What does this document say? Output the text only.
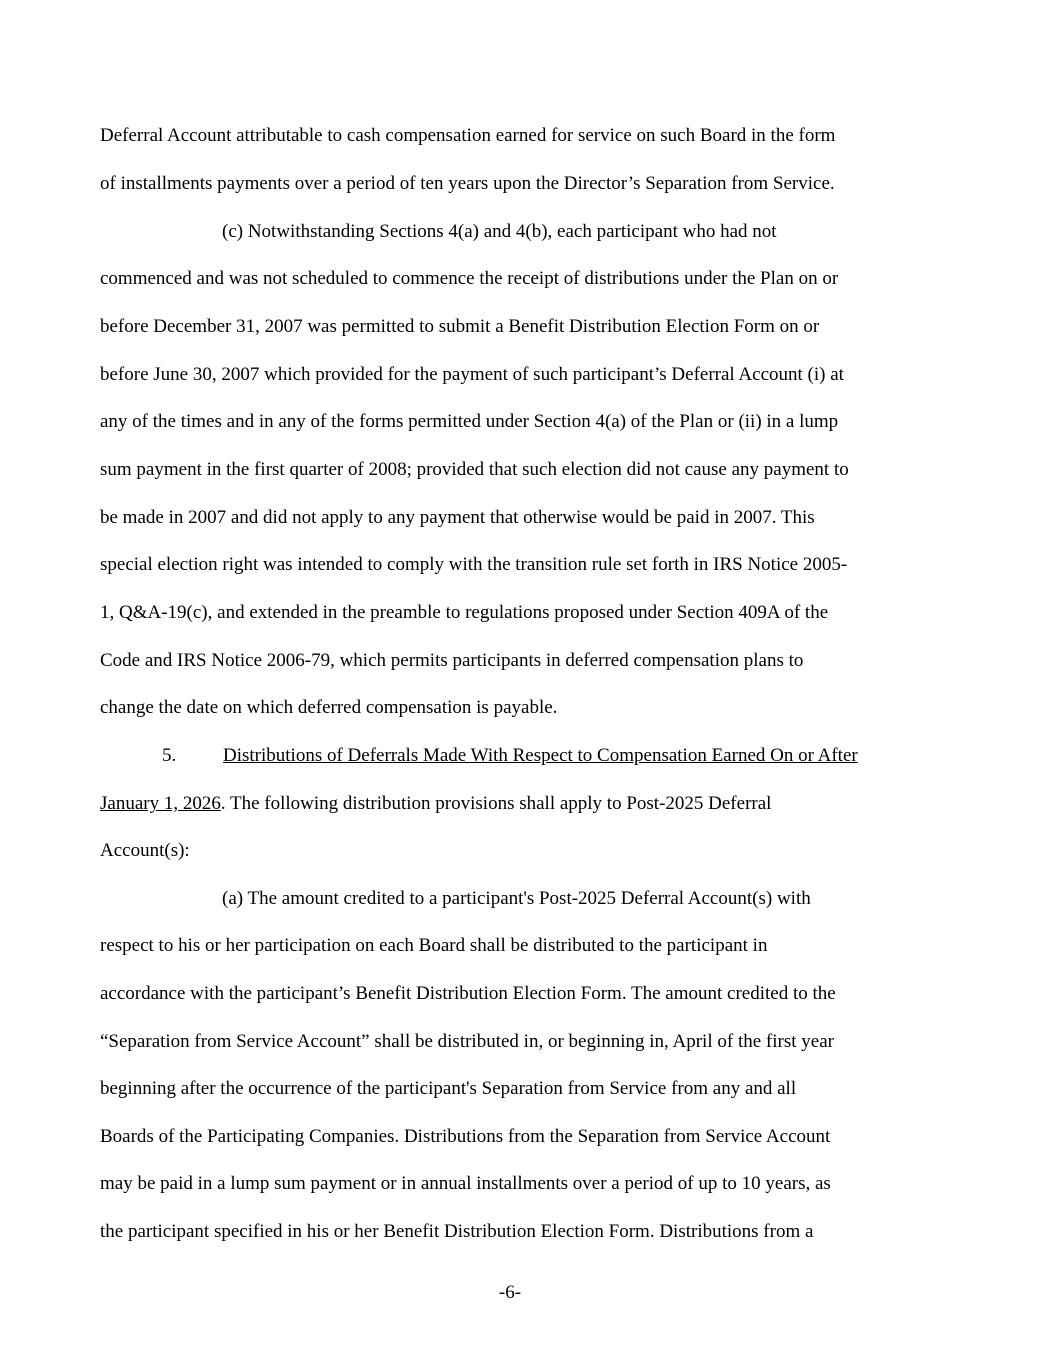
Deferral Account attributable to cash compensation earned for service on such Board in the form

of installments payments over a period of ten years upon the Director’s Separation from Service.

(c) Notwithstanding Sections 4(a) and 4(b), each participant who had not

commenced and was not scheduled to commence the receipt of distributions under the Plan on or

before December 31, 2007 was permitted to submit a Benefit Distribution Election Form on or

before June 30, 2007 which provided for the payment of such participant’s Deferral Account (i) at

any of the times and in any of the forms permitted under Section 4(a) of the Plan or (ii) in a lump

sum payment in the first quarter of 2008; provided that such election did not cause any payment to

be made in 2007 and did not apply to any payment that otherwise would be paid in 2007. This

special election right was intended to comply with the transition rule set forth in IRS Notice 2005-

1, Q&A-19(c), and extended in the preamble to regulations proposed under Section 409A of the

Code and IRS Notice 2006-79, which permits participants in deferred compensation plans to

change the date on which deferred compensation is payable.

5. Distributions of Deferrals Made With Respect to Compensation Earned On or After

January 1, 2026. The following distribution provisions shall apply to Post-2025 Deferral

Account(s):

(a) The amount credited to a participant's Post-2025 Deferral Account(s) with

respect to his or her participation on each Board shall be distributed to the participant in

accordance with the participant’s Benefit Distribution Election Form. The amount credited to the

“Separation from Service Account” shall be distributed in, or beginning in, April of the first year

beginning after the occurrence of the participant's Separation from Service from any and all

Boards of the Participating Companies. Distributions from the Separation from Service Account

may be paid in a lump sum payment or in annual installments over a period of up to 10 years, as

the participant specified in his or her Benefit Distribution Election Form. Distributions from a

-6-
